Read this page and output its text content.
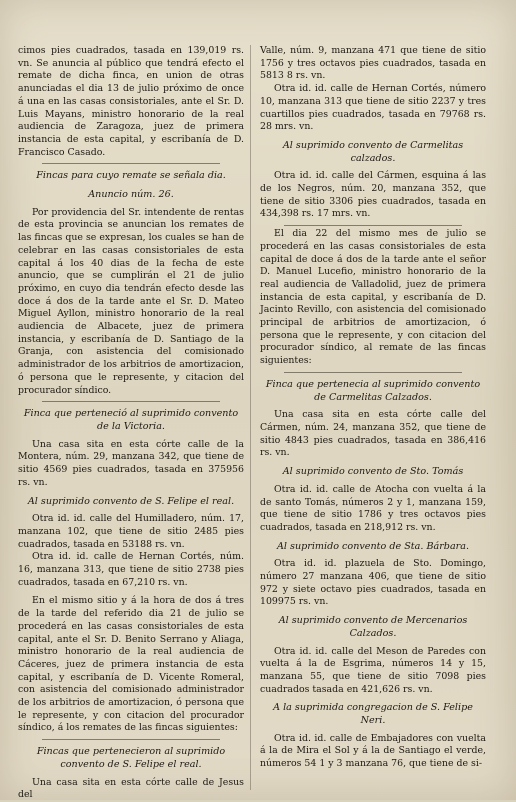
cimos pies cuadrados, tasada en 139,019 rs. vn. Se anuncia al público que tendrá efecto el remate de dicha finca, en union de otras anunciadas el dia 13 de julio próximo de once á una en las casas consistoriales, ante el Sr. D. Luis Mayans, ministro honorario de la real audiencia de Zaragoza, juez de primera instancia de esta capital, y escribanía de D. Francisco Casado.

Fincas para cuyo remate se señala dia.

Anuncio núm. 26.

Por providencia del Sr. intendente de rentas de esta provincia se anuncian los remates de las fincas que se expresan, los cuales se han de celebrar en las casas consistoriales de esta capital á los 40 dias de la fecha de este anuncio, que se cumplirán el 21 de julio próximo, en cuyo dia tendrán efecto desde las doce á dos de la tarde ante el Sr. D. Mateo Miguel Ayllon, ministro honorario de la real audiencia de Albacete, juez de primera instancia, y escribanía de D. Santiago de la Granja, con asistencia del comisionado administrador de los arbitrios de amortizacion, ó persona que le represente, y citacion del procurador síndico.

Finca que perteneció al suprimido convento de la Victoria.

Una casa sita en esta córte calle de la Montera, núm. 29, manzana 342, que tiene de sitio 4569 pies cuadrados, tasada en 375956 rs. vn.

Al suprimido convento de S. Felipe el real.

Otra id. id. calle del Humilladero, núm. 17, manzana 102, que tiene de sitio 2485 pies cuadrados, tasada en 53188 rs. vn.

Otra id. id. calle de Hernan Cortés, núm. 16, manzana 313, que tiene de sitio 2738 pies cuadrados, tasada en 67,210 rs. vn.

En el mismo sitio y á la hora de dos á tres de la tarde del referido dia 21 de julio se procederá en las casas consistoriales de esta capital, ante el Sr. D. Benito Serrano y Aliaga, ministro honorario de la real audiencia de Cáceres, juez de primera instancia de esta capital, y escribanía de D. Vicente Romeral, con asistencia del comisionado administrador de los arbitrios de amortizacion, ó persona que le represente, y con citacion del procurador síndico, á los remates de las fincas siguientes:

Fincas que pertenecieron al suprimido convento de S. Felipe el real.

Una casa sita en esta córte calle de Jesus del

Valle, núm. 9, manzana 471 que tiene de sitio 1756 y tres octavos pies cuadrados, tasada en 5813 8 rs. vn.

Otra id. id. calle de Hernan Cortés, número 10, manzana 313 que tiene de sitio 2237 y tres cuartillos pies cuadrados, tasada en 79768 rs. 28 mrs. vn.

Al suprimido convento de Carmelitas calzados.

Otra id. id. calle del Cármen, esquina á las de los Negros, núm. 20, manzana 352, que tiene de sitio 3306 pies cuadrados, tasada en 434,398 rs. 17 mrs. vn.

El dia 22 del mismo mes de julio se procederá en las casas consistoriales de esta capital de doce á dos de la tarde ante el señor D. Manuel Lucefio, ministro honorario de la real audiencia de Valladolid, juez de primera instancia de esta capital, y escribanía de D. Jacinto Revillo, con asistencia del comisionado principal de arbitrios de amortizacion, ó persona que le represente, y con citacion del procurador síndico, al remate de las fincas siguientes:

Finca que pertenecia al suprimido convento de Carmelitas Calzados.

Una casa sita en esta córte calle del Cármen, núm. 24, manzana 352, que tiene de sitio 4843 pies cuadrados, tasada en 386,416 rs. vn.

Al suprimido convento de Sto. Tomás

Otra id. id. calle de Atocha con vuelta á la de santo Tomás, números 2 y 1, manzana 159, que tiene de sitio 1786 y tres octavos pies cuadrados, tasada en 218,912 rs. vn.

Al suprimido convento de Sta. Bárbara.

Otra id. id. plazuela de Sto. Domingo, número 27 manzana 406, que tiene de sitio 972 y siete octavo pies cuadrados, tasada en 109975 rs. vn.

Al suprimido convento de Mercenarios Calzados.

Otra id. id. calle del Meson de Paredes con vuelta á la de Esgrima, números 14 y 15, manzana 55, que tiene de sitio 7098 pies cuadrados tasada en 421,626 rs. vn.

A la suprimida congregacion de S. Felipe Neri.

Otra id. id. calle de Embajadores con vuelta á la de Mira el Sol y á la de Santiago el verde, números 54 1 y 3 manzana 76, que tiene de si-
